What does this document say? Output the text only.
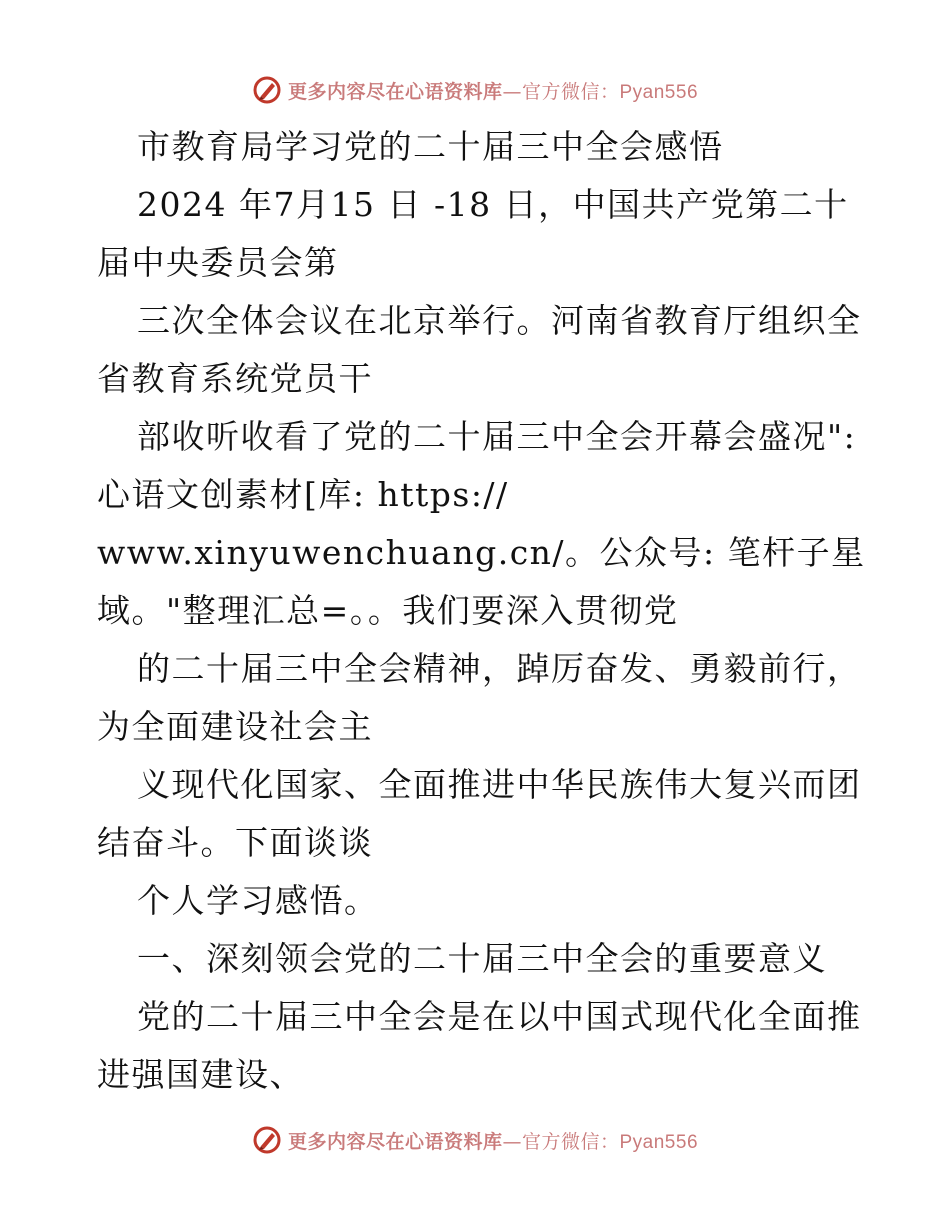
更多内容尽在心语资料库—官方微信：Pyan556
市教育局学习党的二十届三中全会感悟
2024 年7月15 日 -18 日，中国共产党第二十
届中央委员会第
三次全体会议在北京举行。河南省教育厅组织全
省教育系统党员干
部收听收看了党的二十届三中全会开幕会盛况":
心语文创素材[库: https://
www.xinyuwenchuang.cn/。公众号: 笔杆子星
域。"整理汇总=。。我们要深入贯彻党
的二十届三中全会精神，踔厉奋发、勇毅前行，
为全面建设社会主
义现代化国家、全面推进中华民族伟大复兴而团
结奋斗。下面谈谈
个人学习感悟。
一、深刻领会党的二十届三中全会的重要意义
党的二十届三中全会是在以中国式现代化全面推
进强国建设、
更多内容尽在心语资料库—官方微信：Pyan556
